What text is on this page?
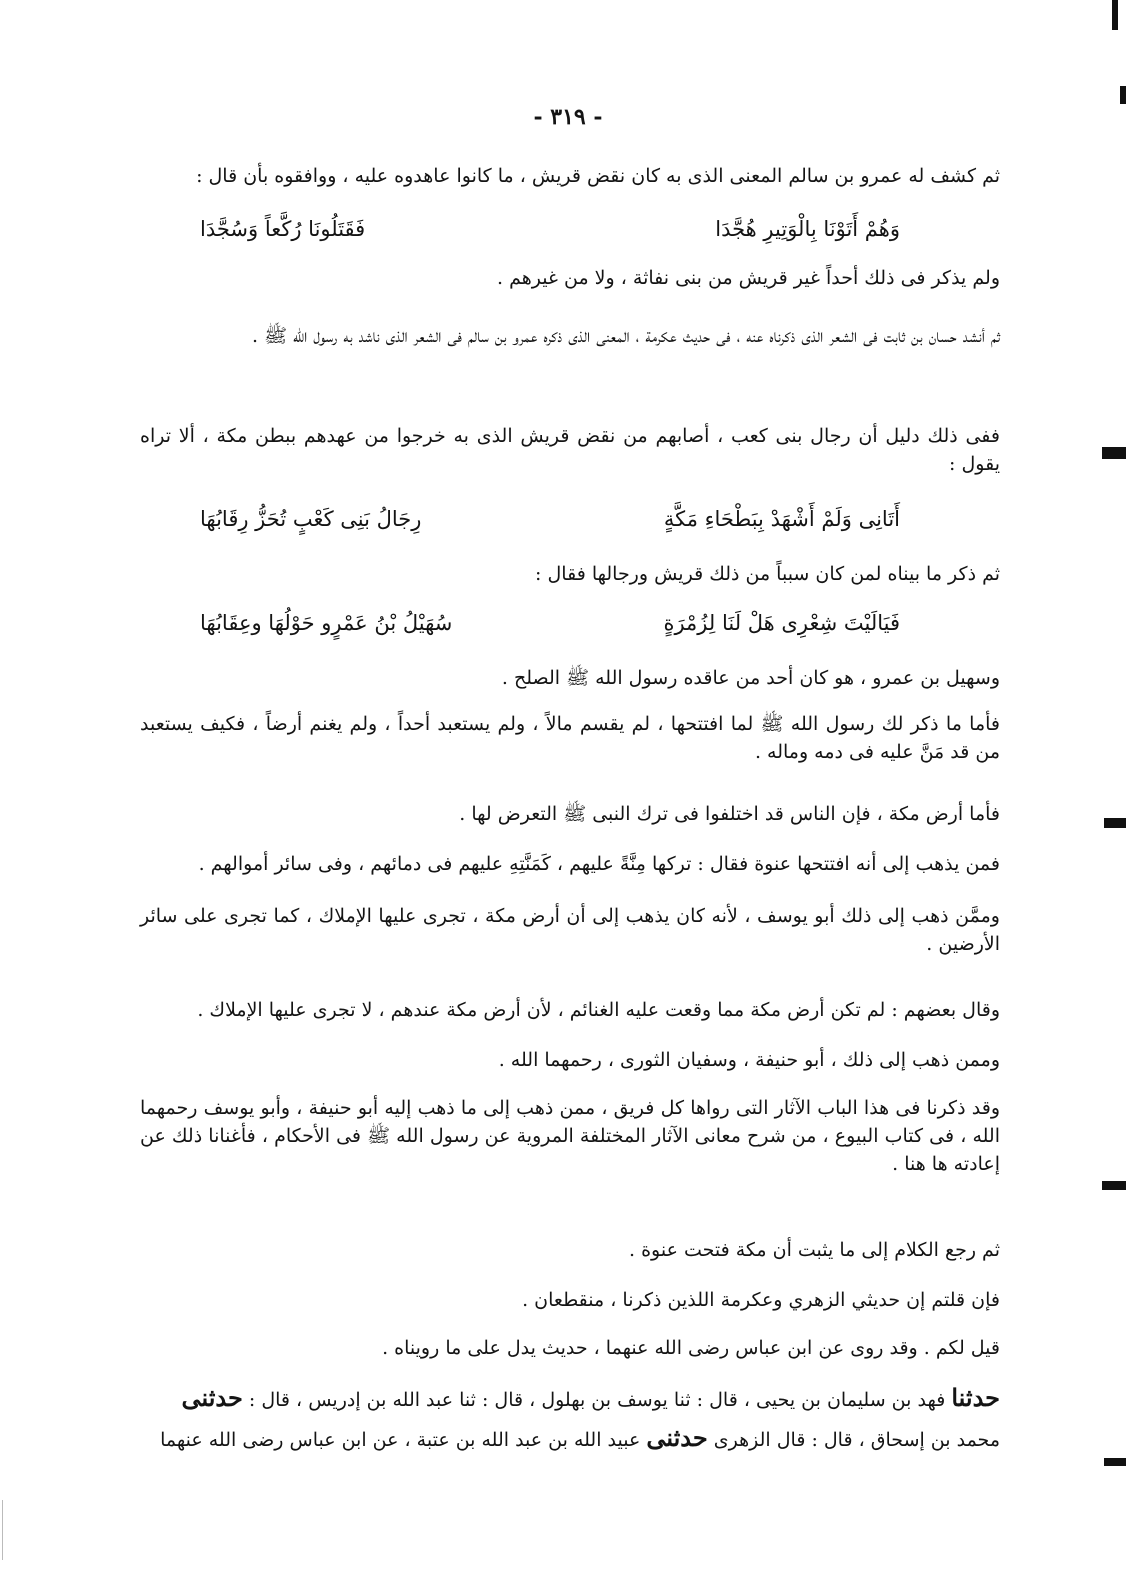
- ٣١٩ -

ثم كشف له عمرو بن سالم المعنى الذى به كان نقض قريش ، ما كانوا عاهدوه عليه ، ووافقوه بأن قال :

وَهُمْ أَتَوْنَا بِالْوَتِيرِ هُجَّدَا
فَقَتَلُونَا رُكَّعاً وَسُجَّدَا

ولم يذكر فى ذلك أحداً غير قريش من بنى نفاثة ، ولا من غيرهم .

ثم أنشد حسان بن ثابت فى الشعر الذى ذكرناه عنه ، فى حديث عكرمة ، المعنى الذى ذكره عمرو بن سالم فى الشعر الذى ناشد به رسول الله ﷺ .

ففى ذلك دليل أن رجال بنى كعب ، أصابهم من نقض قريش الذى به خرجوا من عهدهم ببطن مكة ، ألا تراه يقول :

أَتَانِى وَلَمْ أَشْهَدْ بِبَطْحَاءِ مَكَّةٍ
رِجَالُ بَنِى كَعْبٍ تُحَزُّ رِقَابُهَا

ثم ذكر ما بيناه لمن كان سبباً من ذلك قريش ورجالها فقال :

فَيَالَيْتَ شِعْرِى هَلْ لَنَا لِزُمْرَةٍ
سُهَيْلُ بْنُ عَمْرٍو حَوْلُهَا وعِقَابُهَا

وسهيل بن عمرو ، هو كان أحد من عاقده رسول الله ﷺ الصلح .

فأما ما ذكر لك رسول الله ﷺ لما افتتحها ، لم يقسم مالاً ، ولم يستعبد أحداً ، ولم يغنم أرضاً ، فكيف يستعبد من قد مَنَّ عليه فى دمه وماله .

فأما أرض مكة ، فإن الناس قد اختلفوا فى ترك النبى ﷺ التعرض لها .

فمن يذهب إلى أنه افتتحها عنوة فقال : تركها مِنَّةً عليهم ، كَمَنَّتِهِ عليهم فى دمائهم ، وفى سائر أموالهم .

وممَّن ذهب إلى ذلك أبو يوسف ، لأنه كان يذهب إلى أن أرض مكة ، تجرى عليها الإملاك ، كما تجرى على سائر الأرضين .

وقال بعضهم : لم تكن أرض مكة مما وقعت عليه الغنائم ، لأن أرض مكة عندهم ، لا تجرى عليها الإملاك .

وممن ذهب إلى ذلك ، أبو حنيفة ، وسفيان الثورى ، رحمهما الله .

وقد ذكرنا فى هذا الباب الآثار التى رواها كل فريق ، ممن ذهب إلى ما ذهب إليه أبو حنيفة ، وأبو يوسف رحمهما الله ، فى كتاب البيوع ، من شرح معانى الآثار المختلفة المروية عن رسول الله ﷺ فى الأحكام ، فأغنانا ذلك عن إعادته ها هنا .

ثم رجع الكلام إلى ما يثبت أن مكة فتحت عنوة .

فإن قلتم إن حديثي الزهري وعكرمة اللذين ذكرنا ، منقطعان .

قيل لكم . وقد روى عن ابن عباس رضى الله عنهما ، حديث يدل على ما رويناه .

حدثنا فهد بن سليمان بن يحيى ، قال : ثنا يوسف بن بهلول ، قال : ثنا عبد الله بن إدريس ، قال : حدثنى

محمد بن إسحاق ، قال : قال الزهرى حدثنى عبيد الله بن عبد الله بن عتبة ، عن ابن عباس رضى الله عنهما
